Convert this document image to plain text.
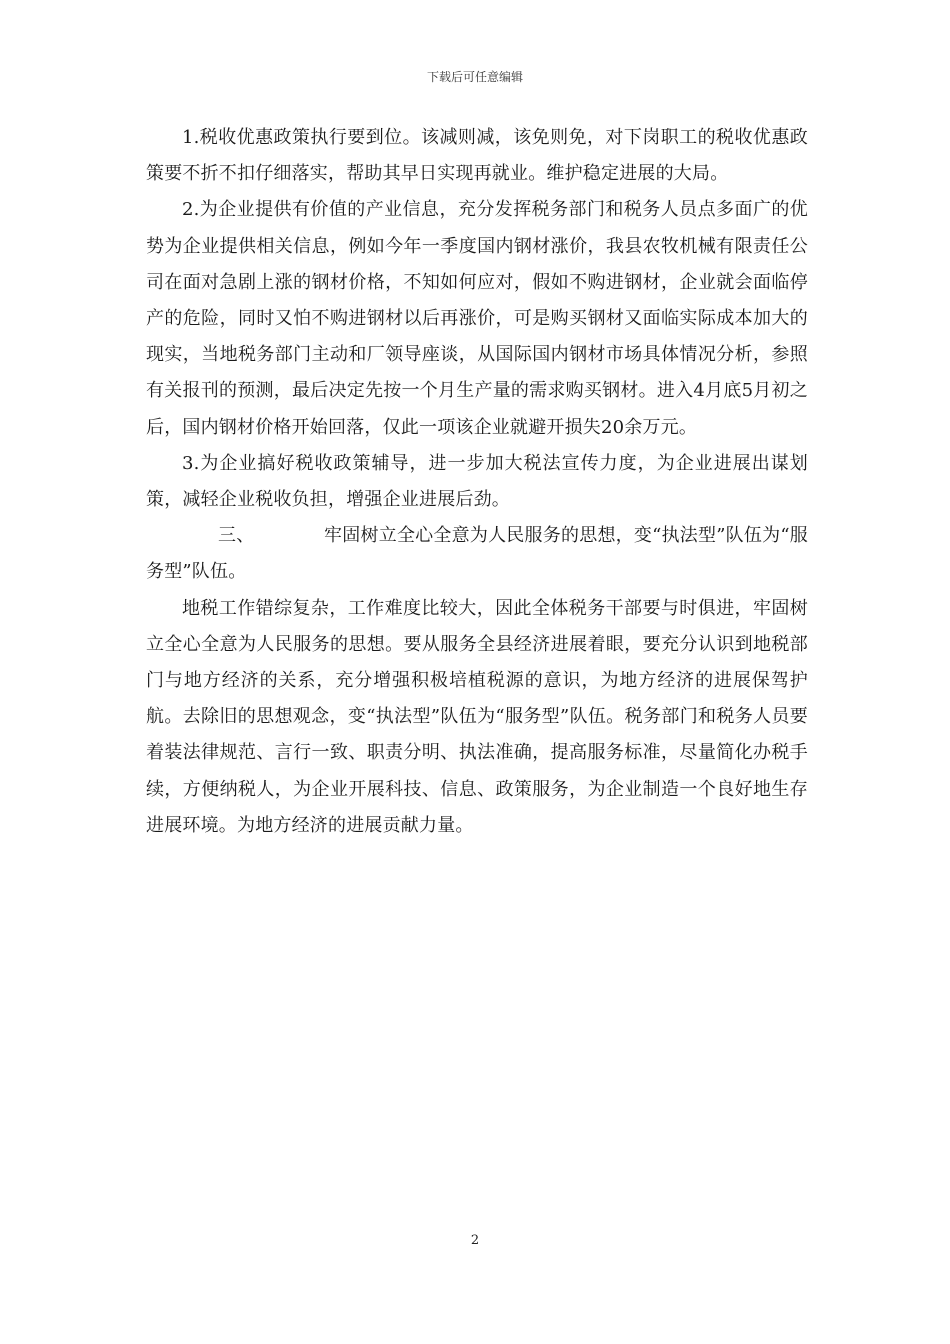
下载后可任意编辑

1.税收优惠政策执行要到位。该减则减，该免则免，对下岗职工的税收优惠政策要不折不扣仔细落实，帮助其早日实现再就业。维护稳定进展的大局。

2.为企业提供有价值的产业信息，充分发挥税务部门和税务人员点多面广的优势为企业提供相关信息，例如今年一季度国内钢材涨价，我县农牧机械有限责任公司在面对急剧上涨的钢材价格，不知如何应对，假如不购进钢材，企业就会面临停产的危险，同时又怕不购进钢材以后再涨价，可是购买钢材又面临实际成本加大的现实，当地税务部门主动和厂领导座谈，从国际国内钢材市场具体情况分析，参照有关报刊的预测，最后决定先按一个月生产量的需求购买钢材。进入4月底5月初之后，国内钢材价格开始回落，仅此一项该企业就避开损失20余万元。

3.为企业搞好税收政策辅导，进一步加大税法宣传力度，为企业进展出谋划策，减轻企业税收负担，增强企业进展后劲。

三、	牢固树立全心全意为人民服务的思想，变“执法型”队伍为“服务型”队伍。

地税工作错综复杂，工作难度比较大，因此全体税务干部要与时俱进，牢固树立全心全意为人民服务的思想。要从服务全县经济进展着眼，要充分认识到地税部门与地方经济的关系，充分增强积极培植税源的意识，为地方经济的进展保驾护航。去除旧的思想观念，变“执法型”队伍为“服务型”队伍。税务部门和税务人员要着装法律规范、言行一致、职责分明、执法准确，提高服务标准，尽量简化办税手续，方便纳税人，为企业开展科技、信息、政策服务，为企业制造一个良好地生存进展环境。为地方经济的进展贡献力量。

2
